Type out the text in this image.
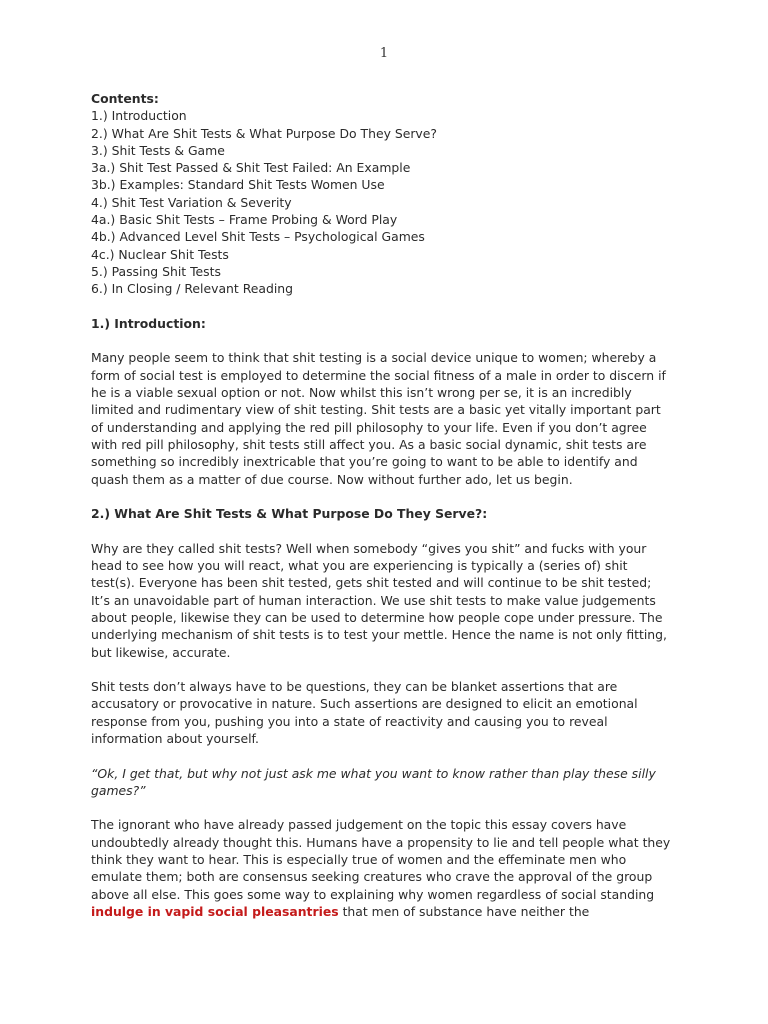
1

Contents:

1.) Introduction
2.) What Are Shit Tests & What Purpose Do They Serve?
3.) Shit Tests & Game
3a.) Shit Test Passed & Shit Test Failed: An Example
3b.) Examples: Standard Shit Tests Women Use
4.) Shit Test Variation & Severity
4a.) Basic Shit Tests – Frame Probing & Word Play
4b.) Advanced Level Shit Tests – Psychological Games
4c.) Nuclear Shit Tests
5.) Passing Shit Tests
6.) In Closing / Relevant Reading

1.) Introduction:

Many people seem to think that shit testing is a social device unique to women; whereby a form of social test is employed to determine the social fitness of a male in order to discern if he is a viable sexual option or not. Now whilst this isn’t wrong per se, it is an incredibly limited and rudimentary view of shit testing. Shit tests are a basic yet vitally important part of understanding and applying the red pill philosophy to your life. Even if you don’t agree with red pill philosophy, shit tests still affect you. As a basic social dynamic, shit tests are something so incredibly inextricable that you’re going to want to be able to identify and quash them as a matter of due course. Now without further ado, let us begin.

2.) What Are Shit Tests & What Purpose Do They Serve?:

Why are they called shit tests? Well when somebody “gives you shit” and fucks with your head to see how you will react, what you are experiencing is typically a (series of) shit test(s). Everyone has been shit tested, gets shit tested and will continue to be shit tested; It’s an unavoidable part of human interaction. We use shit tests to make value judgements about people, likewise they can be used to determine how people cope under pressure. The underlying mechanism of shit tests is to test your mettle. Hence the name is not only fitting, but likewise, accurate.

Shit tests don’t always have to be questions, they can be blanket assertions that are accusatory or provocative in nature. Such assertions are designed to elicit an emotional response from you, pushing you into a state of reactivity and causing you to reveal information about yourself.

“Ok, I get that, but why not just ask me what you want to know rather than play these silly games?”

The ignorant who have already passed judgement on the topic this essay covers have undoubtedly already thought this. Humans have a propensity to lie and tell people what they think they want to hear. This is especially true of women and the effeminate men who emulate them; both are consensus seeking creatures who crave the approval of the group above all else. This goes some way to explaining why women regardless of social standing indulge in vapid social pleasantries that men of substance have neither the
